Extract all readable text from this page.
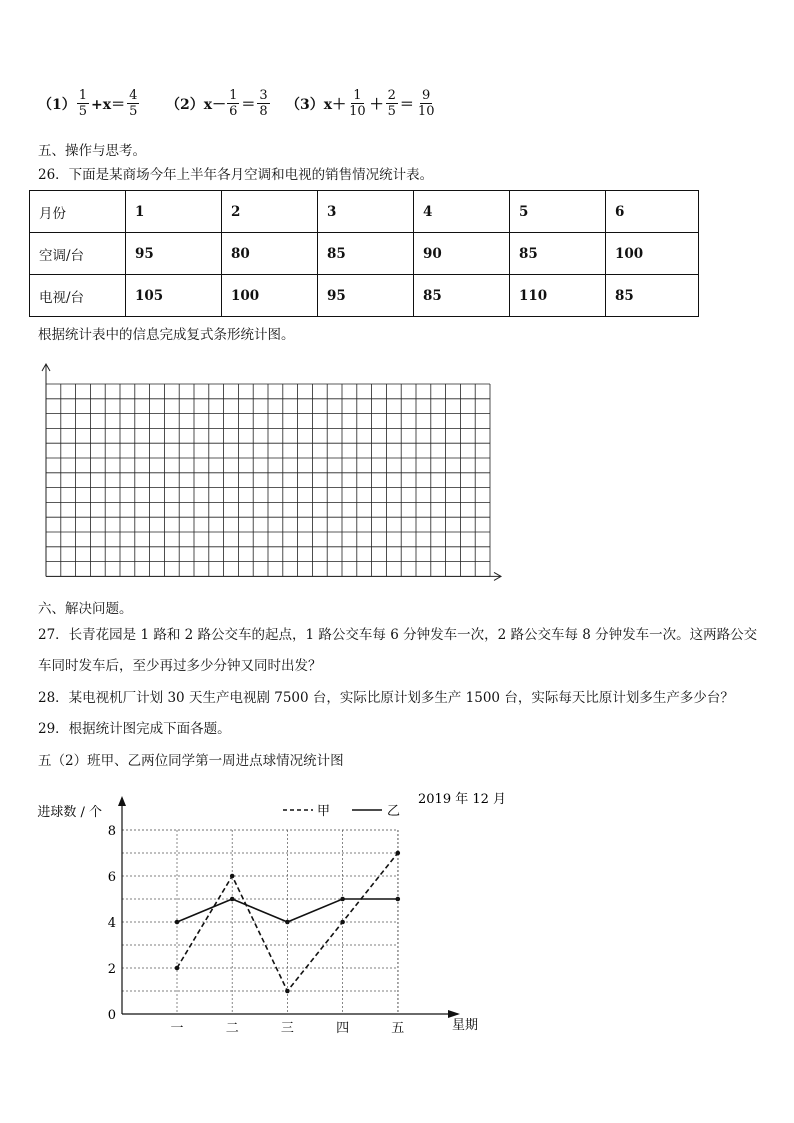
$(1) \frac{1}{5} +x= \frac{4}{5} (2)x- \frac{1}{6} = \frac{3}{8} (3)x+ \frac{1}{10} + \frac{2}{5} = \frac{9}{10}$
五、操作与思考。
26．下面是某商场今年上半年各月空调和电视的销售情况统计表。
月份	1	2	3	4	5	6
空调/台	95	80	85	90	85	100
电视/台	105	100	95	85	110	85
根据统计表中的信息完成复式条形统计图。
六、解决问题。
27．长青花园是 1 路和 2 路公交车的起点，1 路公交车每 6 分钟发车一次，2 路公交车每 8 分钟发车一次。这两路公交
车同时发车后，至少再过多少分钟又同时出发？
28．某电视机厂计划 30 天生产电视剧 7500 台，实际比原计划多生产 1500 台，实际每天比原计划多生产多少台？
29．根据统计图完成下面各题。
五（2）班甲、乙两位同学第一周进点球情况统计图
进球数 / 个
2019 年 12 月
星期
甲	乙
0
2
4
6
8
一	二	三	四	五
